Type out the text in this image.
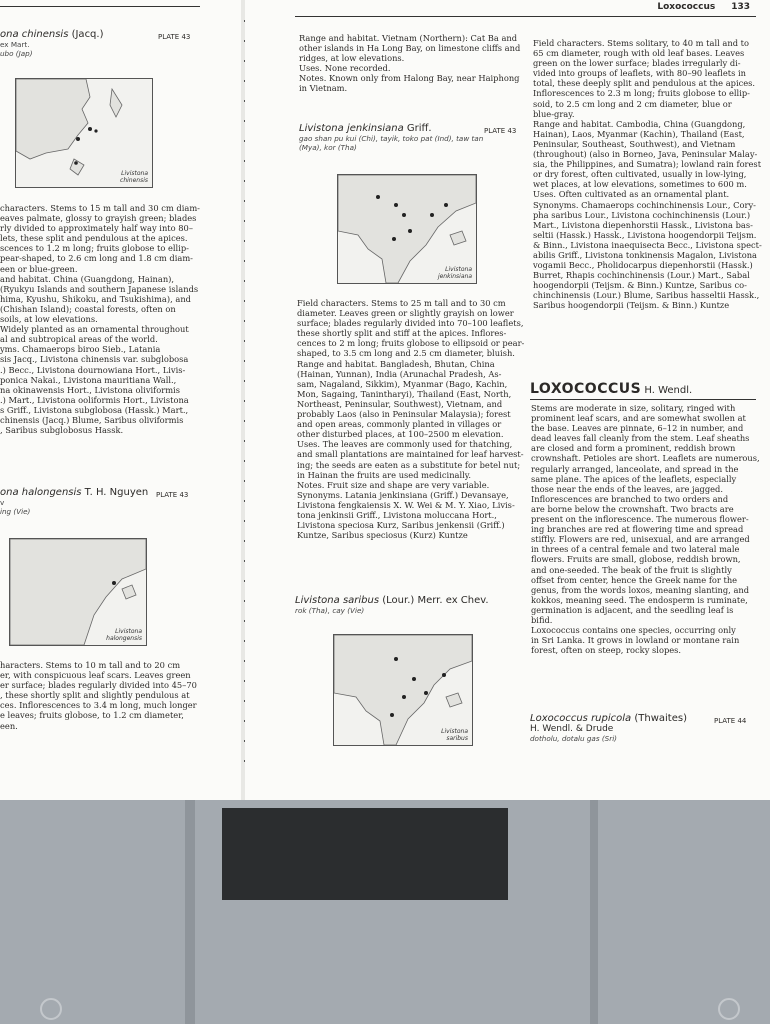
ona chinensis (Jacq.)
ex Mart.
ubo (Jap)
PLATE 43
Livistona chinensis

characters. Stems to 15 m tall and 30 cm diam-

eaves palmate, glossy to grayish green; blades

rly divided to approximately half way into 80–

lets, these split and pendulous at the apices.

scences to 1.2 m long; fruits globose to ellip-

pear-shaped, to 2.6 cm long and 1.8 cm diam-

een or blue-green.

and habitat. China (Guangdong, Hainan),

(Ryukyu Islands and southern Japanese islands

hima, Kyushu, Shikoku, and Tsukishima), and

(Chishan Island); coastal forests, often on

soils, at low elevations.

Widely planted as an ornamental throughout

al and subtropical areas of the world.

yms. Chamaerops biroo Sieb., Latania

sis Jacq., Livistona chinensis var. subglobosa

.) Becc., Livistona dournowiana Hort., Livis-

ponica Nakai., Livistona mauritiana Wall.,

na okinawensis Hort., Livistona oliviformis

.) Mart., Livistona ooliformis Hort., Livistona

s Griff., Livistona subglobosa (Hassk.) Mart.,

chinensis (Jacq.) Blume, Saribus oliviformis

, Saribus subglobosus Hassk.

ona halongensis T. H. Nguyen
v
ing (Vie)
PLATE 43
Livistona halongensis

haracters. Stems to 10 m tall and to 20 cm

er, with conspicuous leaf scars. Leaves green

er surface; blades regularly divided into 45–70

, these shortly split and slightly pendulous at

ces. Inflorescences to 3.4 m long, much longer

e leaves; fruits globose, to 1.2 cm diameter,

een.

Loxococcus 133

Range and habitat. Vietnam (Northern): Cat Ba and

other islands in Ha Long Bay, on limestone cliffs and

ridges, at low elevations.

Uses. None recorded.

Notes. Known only from Halong Bay, near Haiphong

in Vietnam.

Livistona jenkinsiana Griff.
gao shan pu kui (Chi), tayik, toko pat (Ind), taw tan
(Mya), kor (Tha)
PLATE 43
Livistona jenkinsiana

Field characters. Stems to 25 m tall and to 30 cm

diameter. Leaves green or slightly grayish on lower

surface; blades regularly divided into 70–100 leaflets,

these shortly split and stiff at the apices. Inflores-

cences to 2 m long; fruits globose to ellipsoid or pear-

shaped, to 3.5 cm long and 2.5 cm diameter, bluish.

Range and habitat. Bangladesh, Bhutan, China

(Hainan, Yunnan), India (Arunachal Pradesh, As-

sam, Nagaland, Sikkim), Myanmar (Bago, Kachin,

Mon, Sagaing, Tanintharyi), Thailand (East, North,

Northeast, Peninsular, Southwest), Vietnam, and

probably Laos (also in Peninsular Malaysia); forest

and open areas, commonly planted in villages or

other disturbed places, at 100–2500 m elevation.

Uses. The leaves are commonly used for thatching,

and small plantations are maintained for leaf harvest-

ing; the seeds are eaten as a substitute for betel nut;

in Hainan the fruits are used medicinally.

Notes. Fruit size and shape are very variable.

Synonyms. Latania jenkinsiana (Griff.) Devansaye,

Livistona fengkaiensis X. W. Wei & M. Y. Xiao, Livis-

tona jenkinsii Griff., Livistona moluccana Hort.,

Livistona speciosa Kurz, Saribus jenkensii (Griff.)

Kuntze, Saribus speciosus (Kurz) Kuntze

Livistona saribus (Lour.) Merr. ex Chev.
rok (Tha), cay (Vie)
Livistona saribus

Field characters. Stems solitary, to 40 m tall and to

65 cm diameter, rough with old leaf bases. Leaves

green on the lower surface; blades irregularly di-

vided into groups of leaflets, with 80–90 leaflets in

total, these deeply split and pendulous at the apices.

Inflorescences to 2.3 m long; fruits globose to ellip-

soid, to 2.5 cm long and 2 cm diameter, blue or

blue-gray.

Range and habitat. Cambodia, China (Guangdong,

Hainan), Laos, Myanmar (Kachin), Thailand (East,

Peninsular, Southeast, Southwest), and Vietnam

(throughout) (also in Borneo, Java, Peninsular Malay-

sia, the Philippines, and Sumatra); lowland rain forest

or dry forest, often cultivated, usually in low-lying,

wet places, at low elevations, sometimes to 600 m.

Uses. Often cultivated as an ornamental plant.

Synonyms. Chamaerops cochinchinensis Lour., Cory-

pha saribus Lour., Livistona cochinchinensis (Lour.)

Mart., Livistona diepenhorstii Hassk., Livistona bas-

seltii (Hassk.) Hassk., Livistona hoogendorpii Teijsm.

& Binn., Livistona inaequisecta Becc., Livistona spect-

abilis Griff., Livistona tonkinensis Magalon, Livistona

vogamii Becc., Pholidocarpus diepenhorstii (Hassk.)

Burret, Rhapis cochinchinensis (Lour.) Mart., Sabal

hoogendorpii (Teijsm. & Binn.) Kuntze, Saribus co-

chinchinensis (Lour.) Blume, Saribus hasseltii Hassk.,

Saribus hoogendorpii (Teijsm. & Binn.) Kuntze

LOXOCOCCUS H. Wendl.

Stems are moderate in size, solitary, ringed with

prominent leaf scars, and are somewhat swollen at

the base. Leaves are pinnate, 6–12 in number, and

dead leaves fall cleanly from the stem. Leaf sheaths

are closed and form a prominent, reddish brown

crownshaft. Petioles are short. Leaflets are numerous,

regularly arranged, lanceolate, and spread in the

same plane. The apices of the leaflets, especially

those near the ends of the leaves, are jagged.

Inflorescences are branched to two orders and

are borne below the crownshaft. Two bracts are

present on the inflorescence. The numerous flower-

ing branches are red at flowering time and spread

stiffly. Flowers are red, unisexual, and are arranged

in threes of a central female and two lateral male

flowers. Fruits are small, globose, reddish brown,

and one-seeded. The beak of the fruit is slightly

offset from center, hence the Greek name for the

genus, from the words loxos, meaning slanting, and

kokkos, meaning seed. The endosperm is ruminate,

germination is adjacent, and the seedling leaf is

bifid.

Loxococcus contains one species, occurring only

in Sri Lanka. It grows in lowland or montane rain

forest, often on steep, rocky slopes.

Loxococcus rupicola (Thwaites)
H. Wendl. & Drude
dotholu, dotalu gas (Sri)
PLATE 44
